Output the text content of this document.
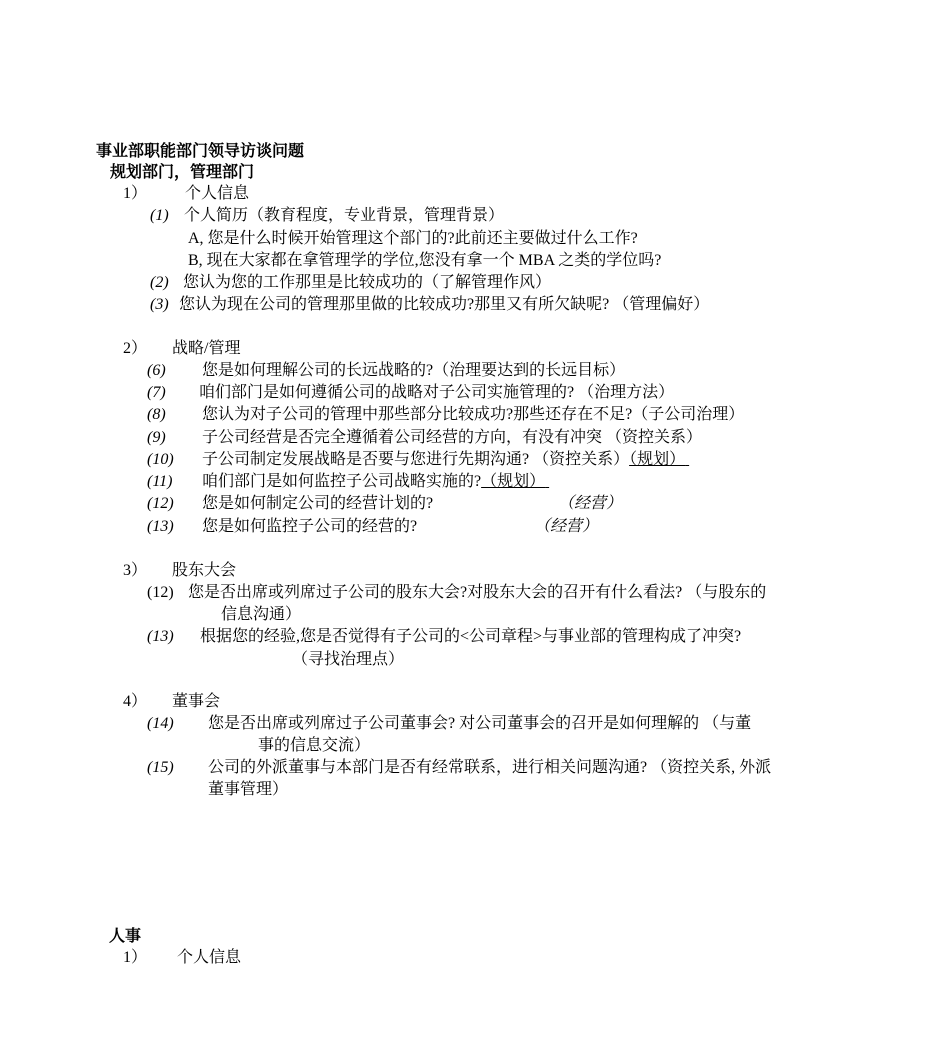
事业部职能部门领导访谈问题
规划部门，管理部门
1） 个人信息
(1) 个人简历（教育程度，专业背景，管理背景）
A, 您是什么时候开始管理这个部门的?此前还主要做过什么工作?
B, 现在大家都在拿管理学的学位,您没有拿一个 MBA 之类的学位吗?
(2) 您认为您的工作那里是比较成功的（了解管理作风）
(3) 您认为现在公司的管理那里做的比较成功?那里又有所欠缺呢? （管理偏好）
2） 战略/管理
(6) 您是如何理解公司的长远战略的?（治理要达到的长远目标）
(7) 咱们部门是如何遵循公司的战略对子公司实施管理的? （治理方法）
(8) 您认为对子公司的管理中那些部分比较成功?那些还存在不足?（子公司治理）
(9) 子公司经营是否完全遵循着公司经营的方向，有没有冲突 （资控关系）
(10) 子公司制定发展战略是否要与您进行先期沟通? （资控关系）（规划）
(11) 咱们部门是如何监控子公司战略实施的?（规划）
(12) 您是如何制定公司的经营计划的?	（经营）
(13) 您是如何监控子公司的经营的?	（经营）
3） 股东大会
(12) 您是否出席或列席过子公司的股东大会?对股东大会的召开有什么看法? （与股东的
信息沟通）
(13) 根据您的经验,您是否觉得有子公司的<公司章程>与事业部的管理构成了冲突?
（寻找治理点）
4） 董事会
(14) 您是否出席或列席过子公司董事会? 对公司董事会的召开是如何理解的 （与董
事的信息交流）
(15) 公司的外派董事与本部门是否有经常联系，进行相关问题沟通? （资控关系, 外派
董事管理）
人事
1） 个人信息
